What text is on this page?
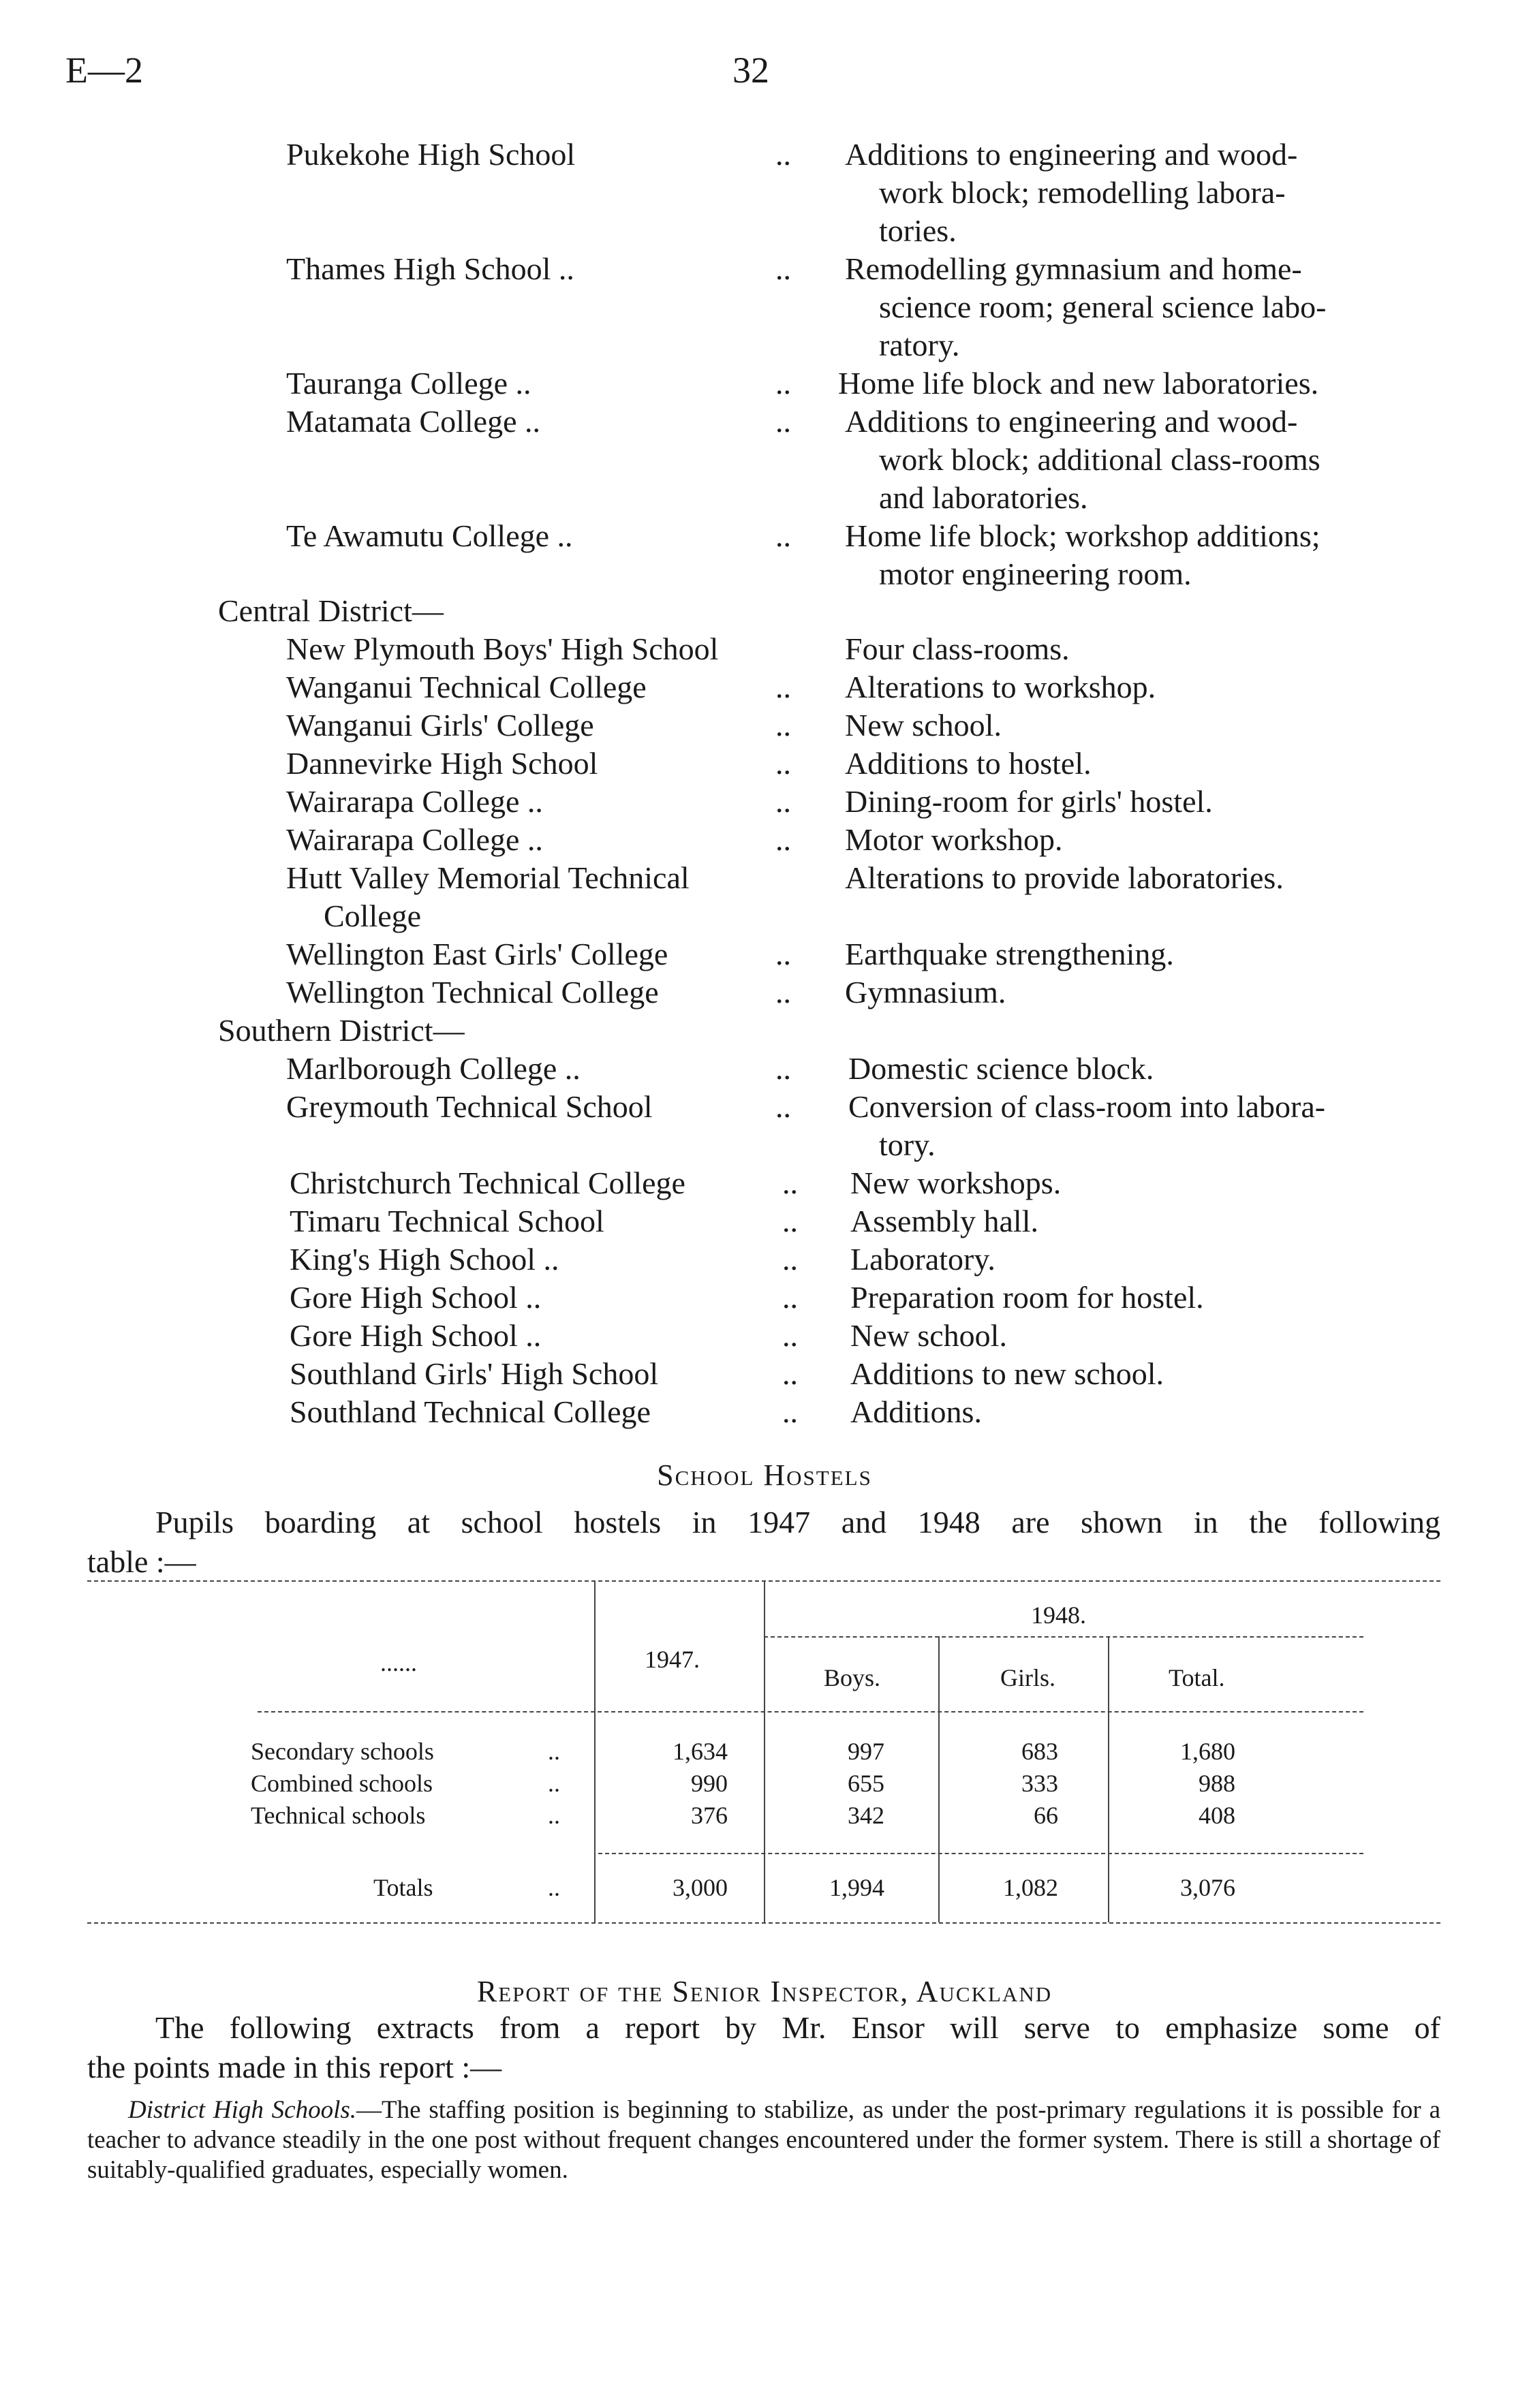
E—2	32
Pukekohe High School	.. Additions to engineering and wood-
work block; remodelling labora-
tories.
Thames High School ..	.. Remodelling gymnasium and home-
science room; general science labo-
ratory.
Tauranga College ..	.. Home life block and new laboratories.
Matamata College ..	.. Additions to engineering and wood-
work block; additional class-rooms
and laboratories.
Te Awamutu College ..	.. Home life block; workshop additions;
motor engineering room.
Central District—
New Plymouth Boys' High School	Four class-rooms.
Wanganui Technical College	.. Alterations to workshop.
Wanganui Girls' College	.. New school.
Dannevirke High School	.. Additions to hostel.
Wairarapa College ..	.. Dining-room for girls' hostel.
Wairarapa College ..	.. Motor workshop.
Hutt Valley Memorial Technical	Alterations to provide laboratories.
College
Wellington East Girls' College	.. Earthquake strengthening.
Wellington Technical College	.. Gymnasium.
Southern District—
Marlborough College ..	.. Domestic science block.
Greymouth Technical School	.. Conversion of class-room into labora-
tory.
Christchurch Technical College	.. New workshops.
Timaru Technical School	.. Assembly hall.
King's High School ..	.. Laboratory.
Gore High School ..	.. Preparation room for hostel.
Gore High School ..	.. New school.
Southland Girls' High School	.. Additions to new school.
Southland Technical College	.. Additions.
School Hostels
Pupils boarding at school hostels in 1947 and 1948 are shown in the following
table :—
......	1947.
1948.
Boys.	Girls.	Total.
Secondary schools	..	1,634	997	683	1,680
Combined schools	..	990	655	333	988
Technical schools	..	376	342	66	408
Totals	..	3,000	1,994	1,082	3,076
Report of the Senior Inspector, Auckland
The following extracts from a report by Mr. Ensor will serve to emphasize some of
the points made in this report :—
District High Schools.—The staffing position is beginning to stabilize, as under the post-primary regulations it is possible for a teacher to advance steadily in the one post without frequent changes encountered under the former system. There is still a shortage of suitably-qualified graduates, especially women.
